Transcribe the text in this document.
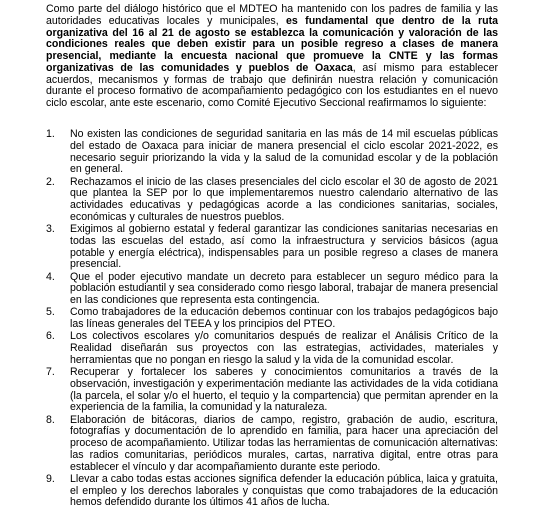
Como parte del diálogo histórico que el MDTEO ha mantenido con los padres de familia y las autoridades educativas locales y municipales, es fundamental que dentro de la ruta organizativa del 16 al 21 de agosto se establezca la comunicación y valoración de las condiciones reales que deben existir para un posible regreso a clases de manera presencial, mediante la encuesta nacional que promueve la CNTE y las formas organizativas de las comunidades y pueblos de Oaxaca, así mismo para establecer acuerdos, mecanismos y formas de trabajo que definirán nuestra relación y comunicación durante el proceso formativo de acompañamiento pedagógico con los estudiantes en el nuevo ciclo escolar, ante este escenario, como Comité Ejecutivo Seccional reafirmamos lo siguiente:

1.	No existen las condiciones de seguridad sanitaria en las más de 14 mil escuelas públicas del estado de Oaxaca para iniciar de manera presencial el ciclo escolar 2021-2022, es necesario seguir priorizando la vida y la salud de la comunidad escolar y de la población en general.
2.	Rechazamos el inicio de las clases presenciales del ciclo escolar el 30 de agosto de 2021 que plantea la SEP por lo que implementaremos nuestro calendario alternativo de las actividades educativas y pedagógicas acorde a las condiciones sanitarias, sociales, económicas y culturales de nuestros pueblos.
3.	Exigimos al gobierno estatal y federal garantizar las condiciones sanitarias necesarias en todas las escuelas del estado, así como la infraestructura y servicios básicos (agua potable y energía eléctrica), indispensables para un posible regreso a clases de manera presencial.
4.	Que el poder ejecutivo mandate un decreto para establecer un seguro médico para la población estudiantil y sea considerado como riesgo laboral, trabajar de manera presencial en las condiciones que representa esta contingencia.
5.	Como trabajadores de la educación debemos continuar con los trabajos pedagógicos bajo las líneas generales del TEEA y los principios del PTEO.
6.	Los colectivos escolares y/o comunitarios después de realizar el Análisis Crítico de la Realidad diseñarán sus proyectos con las estrategias, actividades, materiales y herramientas que no pongan en riesgo la salud y la vida de la comunidad escolar.
7.	Recuperar y fortalecer los saberes y conocimientos comunitarios a través de la observación, investigación y experimentación mediante las actividades de la vida cotidiana (la parcela, el solar y/o el huerto, el tequio y la compartencia) que permitan aprender en la experiencia de la familia, la comunidad y la naturaleza.
8.	Elaboración de bitácoras, diarios de campo, registro, grabación de audio, escritura, fotografías y documentación de lo aprendido en familia, para hacer una apreciación del proceso de acompañamiento. Utilizar todas las herramientas de comunicación alternativas: las radios comunitarias, periódicos murales, cartas, narrativa digital, entre otras para establecer el vínculo y dar acompañamiento durante este periodo.
9.	Llevar a cabo todas estas acciones significa defender la educación pública, laica y gratuita, el empleo y los derechos laborales y conquistas que como trabajadores de la educación hemos defendido durante los últimos 41 años de lucha.
